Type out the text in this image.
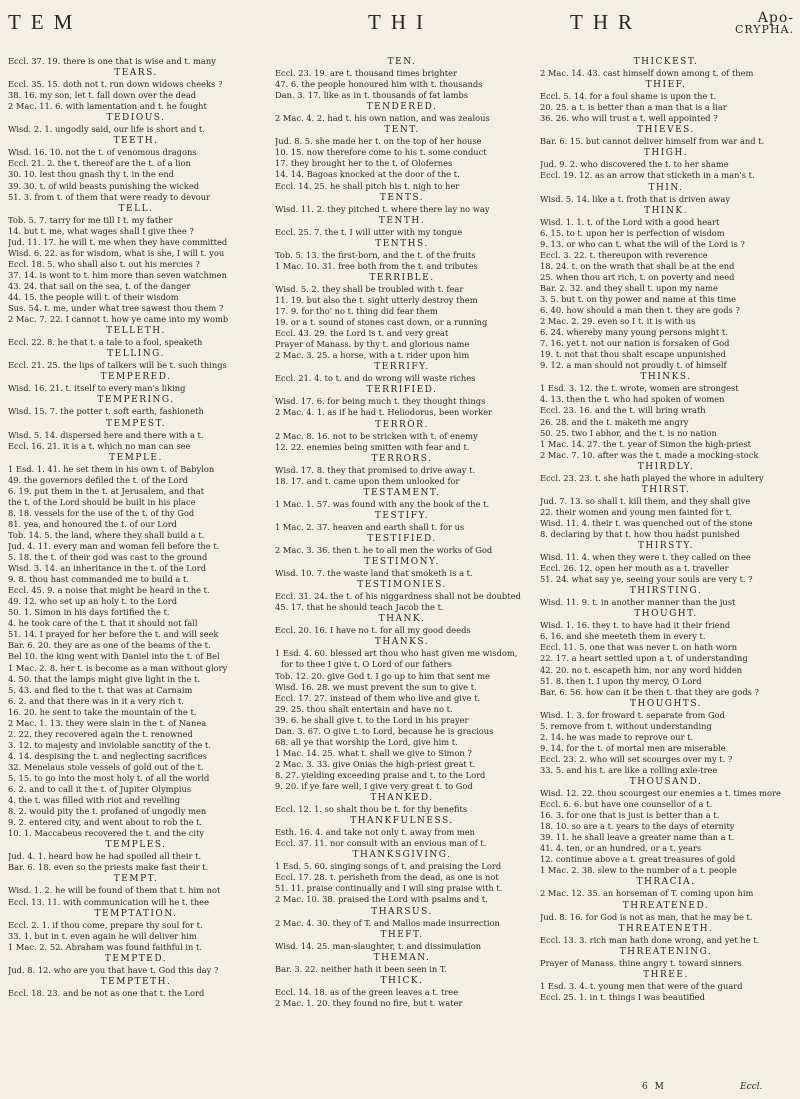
TEM	THI	THR	Apo-
CRYPHA.

Eccl. 37. 19. there is one that is wise and t. many

TEARS.

Eccl. 35. 15. doth not t. run down widows cheeks ?

38. 16. my son, let t. fall down over the dead

2 Mac. 11. 6. with lamentation and t. he fought

TEDIOUS.

Wisd. 2. 1. ungodly said, our life is short and t.

TEETH.

Wisd. 16. 10. not the t. of venomous dragons

Eccl. 21. 2. the t. thereof are the t. of a lion

30. 10. lest thou gnash thy t. in the end

39. 30. t. of wild beasts punishing the wicked

51. 3. from t. of them that were ready to devour

TELL.

Tob. 5. 7. tarry for me till I t. my father

14. but t. me, what wages shall I give thee ?

Jud. 11. 17. he will t. me when they have committed

Wisd. 6. 22. as for wisdom, what is she, I will t. you

Eccl. 18. 5. who shall also t. out his mercies ?

37. 14. is wont to t. him more than seven watchmen

43. 24. that sail on the sea, t. of the danger

44. 15. the people will t. of their wisdom

Sus. 54. t. me, under what tree sawest thou them ?

2 Mac. 7. 22. I cannot t. how ye came into my womb

TELLETH.

Eccl. 22. 8. he that t. a tale to a fool, speaketh

TELLING.

Eccl. 21. 25. the lips of talkers will be t. such things

TEMPERED.

Wisd. 16. 21. t. itself to every man's liking

TEMPERING.

Wisd. 15. 7. the potter t. soft earth, fashioneth

TEMPEST.

Wisd. 5. 14. dispersed here and there with a t.

Eccl. 16. 21. it is a t. which no man can see

TEMPLE.

1 Esd. 1. 41. he set them in his own t. of Babylon

49. the governors defiled the t. of the Lord

6. 19. put them in the t. at Jerusalem, and that

the t. of the Lord should be built in his place

8. 18. vessels for the use of the t. of thy God

81. yea, and honoured the t. of our Lord

Tob. 14. 5. the land, where they shall build a t.

Jud. 4. 11. every man and woman fell before the t.

5. 18. the t. of their god was cast to the ground

Wisd. 3. 14. an inheritance in the t. of the Lord

9. 8. thou hast commanded me to build a t.

Eccl. 45. 9. a noise that might be heard in the t.

49. 12. who set up an holy t. to the Lord

50. 1. Simon in his days fortified the t.

4. he took care of the t. that it should not fall

51. 14. I prayed for her before the t. and will seek

Bar. 6. 20. they are as one of the beams of the t.

Bel 10. the king went with Daniel into the t. of Bel

1 Mac. 2. 8. her t. is become as a man without glory

4. 50. that the lamps might give light in the t.

5. 43. and fled to the t. that was at Carnaim

6. 2. and that there was in it a very rich t.

16. 20. he sent to take the mountain of the t.

2 Mac. 1. 13. they were slain in the t. of Nanea

2. 22. they recovered again the t. renowned

3. 12. to majesty and inviolable sanctity of the t.

4. 14. despising the t. and neglecting sacrifices

32. Menelaus stole vessels of gold out of the t.

5. 15. to go into the most holy t. of all the world

6. 2. and to call it the t. of Jupiter Olympius

4. the t. was filled with riot and revelling

8. 2. would pity the t. profaned of ungodly men

9. 2. entered city, and went about to rob the t.

10. 1. Maccabeus recovered the t. and the city

TEMPLES.

Jud. 4. 1. heard how he had spoiled all their t.

Bar. 6. 18. even so the priests make fast their t.

TEMPT.

Wisd. 1. 2. he will be found of them that t. him not

Eccl. 13. 11. with communication will he t. thee

TEMPTATION.

Eccl. 2. 1. if thou come, prepare thy soul for t.

33. 1. but in t. even again he will deliver him

1 Mac. 2. 52. Abraham was found faithful in t.

TEMPTED.

Jud. 8. 12. who are you that have t. God this day ?

TEMPTETH.

Eccl. 18. 23. and be not as one that t. the Lord

TEN.

Eccl. 23. 19. are t. thousand times brighter

47. 6. the people honoured him with t. thousands

Dan. 3. 17. like as in t. thousands of fat lambs

TENDERED.

2 Mac. 4. 2. had t. his own nation, and was zealous

TENT.

Jud. 8. 5. she made her t. on the top of her house

10. 15. now therefore come to his t. some conduct

17. they brought her to the t. of Olofernes

14. 14. Bagoas knocked at the door of the t.

Eccl. 14. 25. he shall pitch his t. nigh to her

TENTS.

Wisd. 11. 2. they pitched t. where there lay no way

TENTH.

Eccl. 25. 7. the t. I will utter with my tongue

TENTHS.

Tob. 5. 13. the first-born, and the t. of the fruits

1 Mac. 10. 31. free both from the t. and tributes

TERRIBLE.

Wisd. 5. 2. they shall be troubled with t. fear

11. 19. but also the t. sight utterly destroy them

17. 9. for tho' no t. thing did fear them

19. or a t. sound of stones cast down, or a running

Eccl. 43. 29. the Lord is t. and very great

Prayer of Manass. by thy t. and glorious name

2 Mac. 3. 25. a horse, with a t. rider upon him

TERRIFY.

Eccl. 21. 4. to t. and do wrong will waste riches

TERRIFIED.

Wisd. 17. 6. for being much t. they thought things

2 Mac. 4. 1. as if he had t. Heliodorus, been worker

TERROR.

2 Mac. 8. 16. not to be stricken with t. of enemy

12. 22. enemies being smitten with fear and t.

TERRORS.

Wisd. 17. 8. they that promised to drive away t.

18. 17. and t. came upon them unlooked for

TESTAMENT.

1 Mac. 1. 57. was found with any the book of the t.

TESTIFY.

1 Mac. 2. 37. heaven and earth shall t. for us

TESTIFIED.

2 Mac. 3. 36. then t. he to all men the works of God

TESTIMONY.

Wisd. 10. 7. the waste land that smoketh is a t.

TESTIMONIES.

Eccl. 31. 24. the t. of his niggardness shall not be doubted

45. 17. that he should teach Jacob the t.

THANK.

Eccl. 20. 16. I have no t. for all my good deeds

THANKS.

1 Esd. 4. 60. blessed art thou who hast given me wisdom, for to thee I give t. O Lord of our fathers

Tob. 12. 20. give God t. I go up to him that sent me

Wisd. 16. 28. we must prevent the sun to give t.

Eccl. 17. 27. instead of them who live and give t.

29. 25. thou shalt entertain and have no t.

39. 6. he shall give t. to the Lord in his prayer

Dan. 3. 67. O give t. to Lord, because he is gracious

68. all ye that worship the Lord, give him t.

1 Mac. 14. 25. what t. shall we give to Simon ?

2 Mac. 3. 33. give Onias the high-priest great t.

8. 27. yielding exceeding praise and t. to the Lord

9. 20. if ye fare well, I give very great t. to God

THANKED.

Eccl. 12. 1. so shalt thou be t. for thy benefits

THANKFULNESS.

Esth. 16. 4. and take not only t. away from men

Eccl. 37. 11. nor consult with an envious man of t.

THANKSGIVING.

1 Esd. 5. 60. singing songs of t. and praising the Lord

Eccl. 17. 28. t. perisheth from the dead, as one is not

51. 11. praise continually and I will sing praise with t.

2 Mac. 10. 38. praised the Lord with psalms and t.

THARSUS.

2 Mac. 4. 30. they of T. and Mallos made insurrection

THEFT.

Wisd. 14. 25. man-slaughter, t. and dissimulation

THEMAN.

Bar. 3. 22. neither hath it been seen in T.

THICK.

Eccl. 14. 18. as of the green leaves a t. tree

2 Mac. 1. 20. they found no fire, but t. water

THICKEST.

2 Mac. 14. 43. cast himself down among t. of them

THIEF.

Eccl. 5. 14. for a foul shame is upon the t.

20. 25. a t. is better than a man that is a liar

36. 26. who will trust a t. well appointed ?

THIEVES.

Bar. 6. 15. but cannot deliver himself from war and t.

THIGH.

Jud. 9. 2. who discovered the t. to her shame

Eccl. 19. 12. as an arrow that sticketh in a man's t.

THIN.

Wisd. 5. 14. like a t. froth that is driven away

THINK.

Wisd. 1. 1. t. of the Lord with a good heart

6. 15. to t. upon her is perfection of wisdom

9. 13. or who can t. what the will of the Lord is ?

Eccl. 3. 22. t. thereupon with reverence

18. 24. t. on the wrath that shall be at the end

25. when thou art rich, t. on poverty and need

Bar. 2. 32. and they shall t. upon my name

3. 5. but t. on thy power and name at this time

6. 40. how should a man then t. they are gods ?

2 Mac. 2. 29. even so I t. it is with us

6. 24. whereby many young persons might t.

7. 16. yet t. not our nation is forsaken of God

19. t. not that thou shalt escape unpunished

9. 12. a man should not proudly t. of himself

THINKS.

1 Esd. 3. 12. the t. wrote, women are strongest

4. 13. then the t. who had spoken of women

Eccl. 23. 16. and the t. will bring wrath

26. 28. and the t. maketh me angry

50. 25. two I abhor, and the t. is no nation

1 Mac. 14. 27. the t. year of Simon the high-priest

2 Mac. 7. 10. after was the t. made a mocking-stock

THIRDLY.

Eccl. 23. 23. t. she hath played the whore in adultery

THIRST.

Jud. 7. 13. so shall t. kill them, and they shall give

22. their women and young men fainted for t.

Wisd. 11. 4. their t. was quenched out of the stone

8. declaring by that t. how thou hadst punished

THIRSTY.

Wisd. 11. 4. when they were t. they called on thee

Eccl. 26. 12. open her mouth as a t. traveller

51. 24. what say ye, seeing your souls are very t. ?

THIRSTING.

Wisd. 11. 9. t. in another manner than the just

THOUGHT.

Wisd. 1. 16. they t. to have had it their friend

6. 16. and she meeteth them in every t.

Eccl. 11. 5. one that was never t. on hath worn

22. 17. a heart settled upon a t. of understanding

42. 20. no t. escapeth him, nor any word hidden

51. 8. then t. I upon thy mercy, O Lord

Bar. 6. 56. how can it be then t. that they are gods ?

THOUGHTS.

Wisd. 1. 3. for froward t. separate from God

5. remove from t. without understanding

2. 14. he was made to reprove our t.

9. 14. for the t. of mortal men are miserable

Eccl. 23. 2. who will set scourges over my t. ?

33. 5. and his t. are like a rolling axle-tree

THOUSAND.

Wisd. 12. 22. thou scourgest our enemies a t. times more

Eccl. 6. 6. but have one counsellor of a t.

16. 3. for one that is just is better than a t.

18. 10. so are a t. years to the days of eternity

39. 11. he shall leave a greater name than a t.

41. 4. ten, or an hundred, or a t. years

12. continue above a t. great treasures of gold

1 Mac. 2. 38. slew to the number of a t. people

THRACIA.

2 Mac. 12. 35. an horseman of T. coming upon him

THREATENED.

Jud. 8. 16. for God is not as man, that he may be t.

THREATENETH.

Eccl. 13. 3. rich man hath done wrong, and yet he t.

THREATENING.

Prayer of Manass. thine angry t. toward sinners

THREE.

1 Esd. 3. 4. t. young men that were of the guard

Eccl. 25. 1. in t. things I was beautified

6 M	Eccl.
